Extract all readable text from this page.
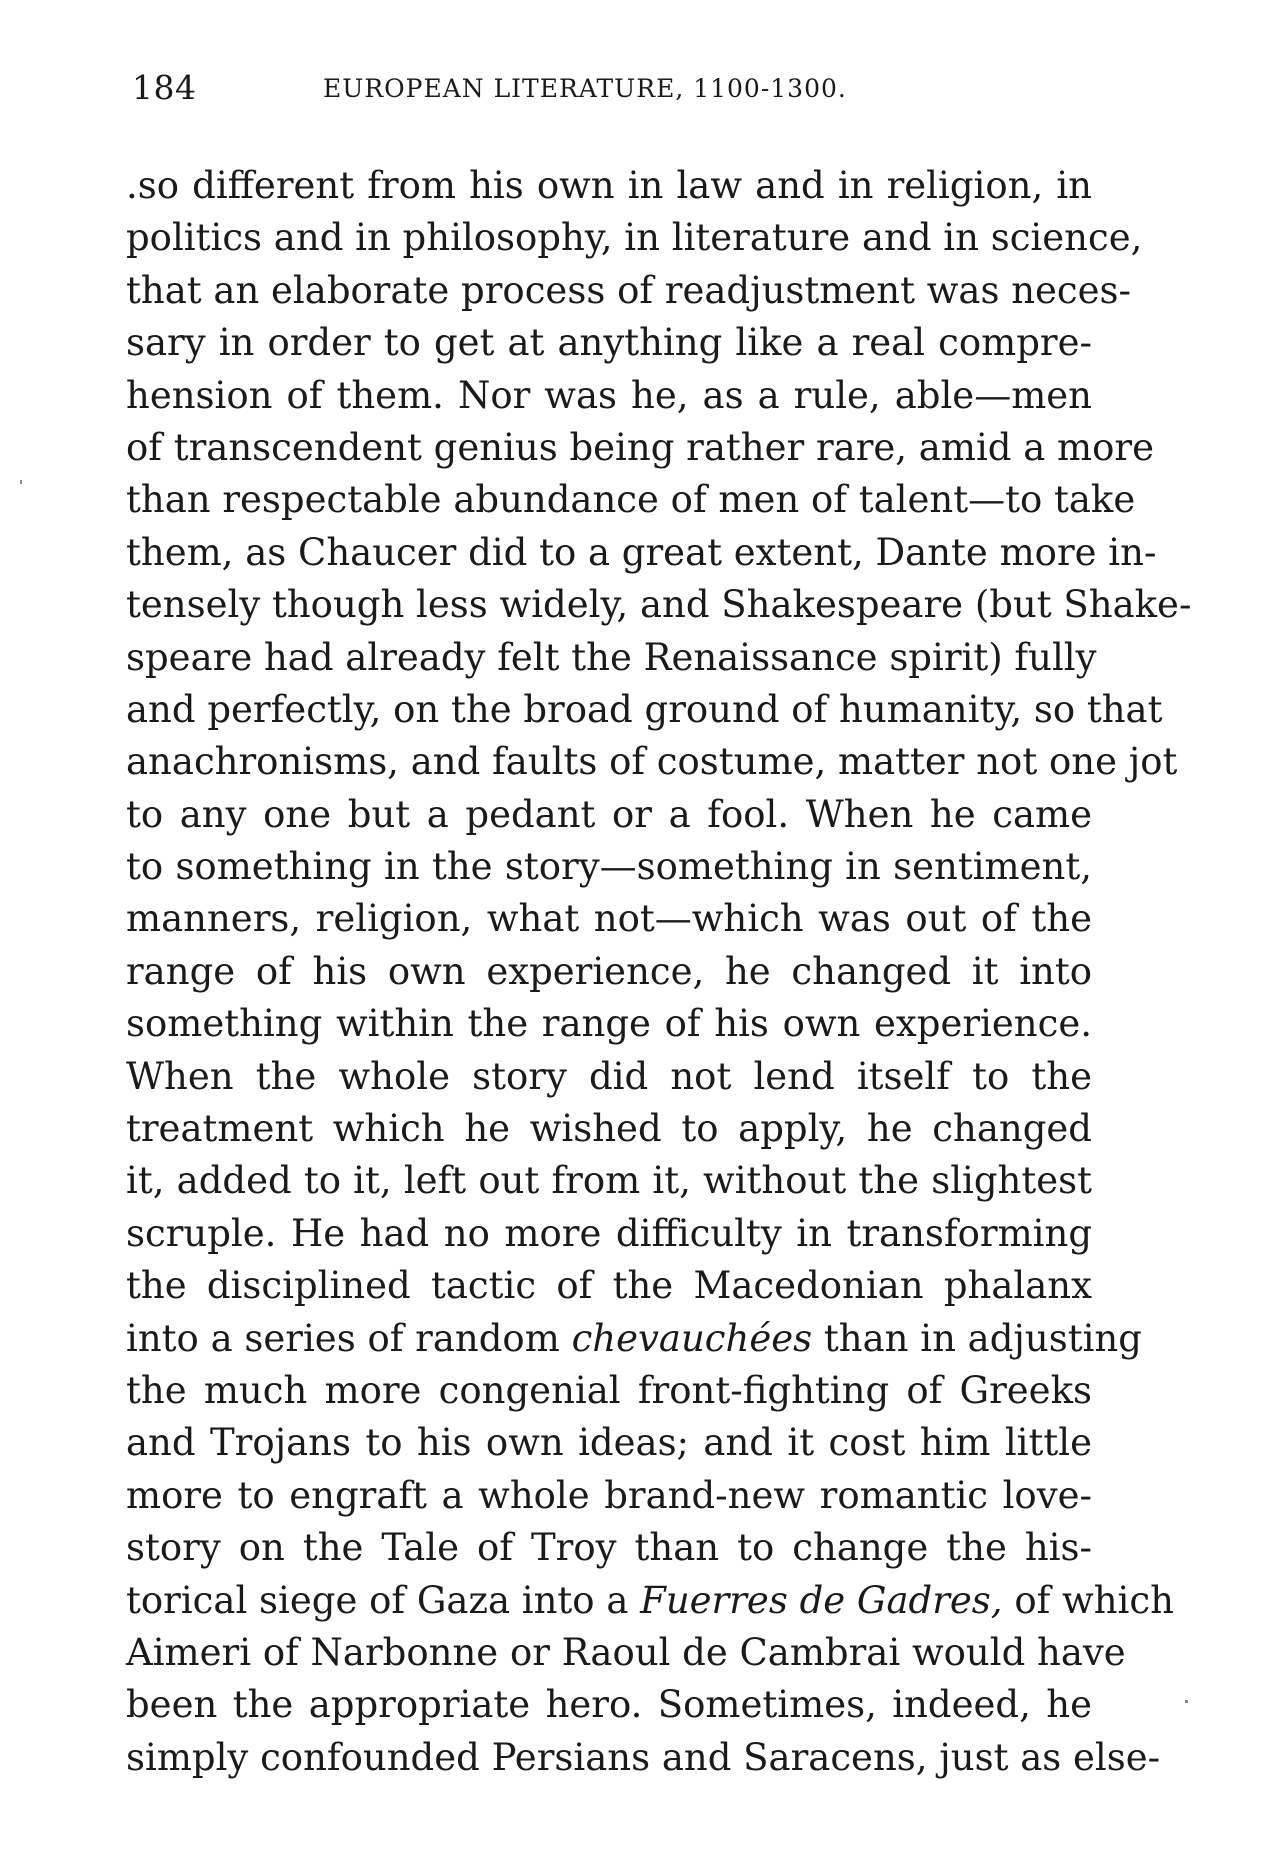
184	EUROPEAN LITERATURE, 1100-1300.
.so different from his own in law and in religion, in
politics and in philosophy, in literature and in science,
that an elaborate process of readjustment was neces-
sary in order to get at anything like a real compre-
hension of them. Nor was he, as a rule, able—men
of transcendent genius being rather rare, amid a more
than respectable abundance of men of talent—to take
them, as Chaucer did to a great extent, Dante more in-
tensely though less widely, and Shakespeare (but Shake-
speare had already felt the Renaissance spirit) fully
and perfectly, on the broad ground of humanity, so that
anachronisms, and faults of costume, matter not one jot
to any one but a pedant or a fool. When he came
to something in the story—something in sentiment,
manners, religion, what not—which was out of the
range of his own experience, he changed it into
something within the range of his own experience.
When the whole story did not lend itself to the
treatment which he wished to apply, he changed
it, added to it, left out from it, without the slightest
scruple. He had no more difficulty in transforming
the disciplined tactic of the Macedonian phalanx
into a series of random chevauchées than in adjusting
the much more congenial front-fighting of Greeks
and Trojans to his own ideas; and it cost him little
more to engraft a whole brand-new romantic love-
story on the Tale of Troy than to change the his-
torical siege of Gaza into a Fuerres de Gadres, of which
Aimeri of Narbonne or Raoul de Cambrai would have
been the appropriate hero. Sometimes, indeed, he
simply confounded Persians and Saracens, just as else-
